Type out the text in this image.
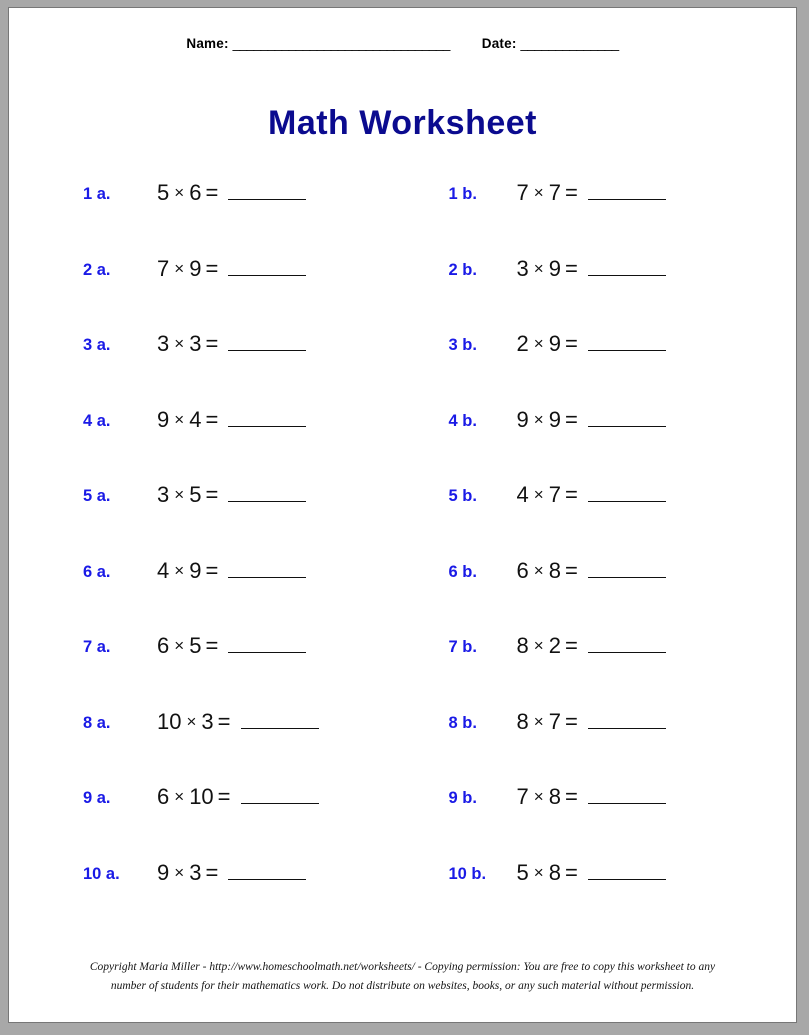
Name: _______________________________ Date: ______________
Math Worksheet
1 a.	5 × 6 =	1 b.	7 × 7 =
2 a.	7 × 9 =	2 b.	3 × 9 =
3 a.	3 × 3 =	3 b.	2 × 9 =
4 a.	9 × 4 =	4 b.	9 × 9 =
5 a.	3 × 5 =	5 b.	4 × 7 =
6 a.	4 × 9 =	6 b.	6 × 8 =
7 a.	6 × 5 =	7 b.	8 × 2 =
8 a.	10 × 3 =	8 b.	8 × 7 =
9 a.	6 × 10 =	9 b.	7 × 8 =
10 a.	9 × 3 =	10 b.	5 × 8 =
Copyright Maria Miller - http://www.homeschoolmath.net/worksheets/ - Copying permission: You are free to copy this worksheet to any
number of students for their mathematics work. Do not distribute on websites, books, or any such material without permission.
